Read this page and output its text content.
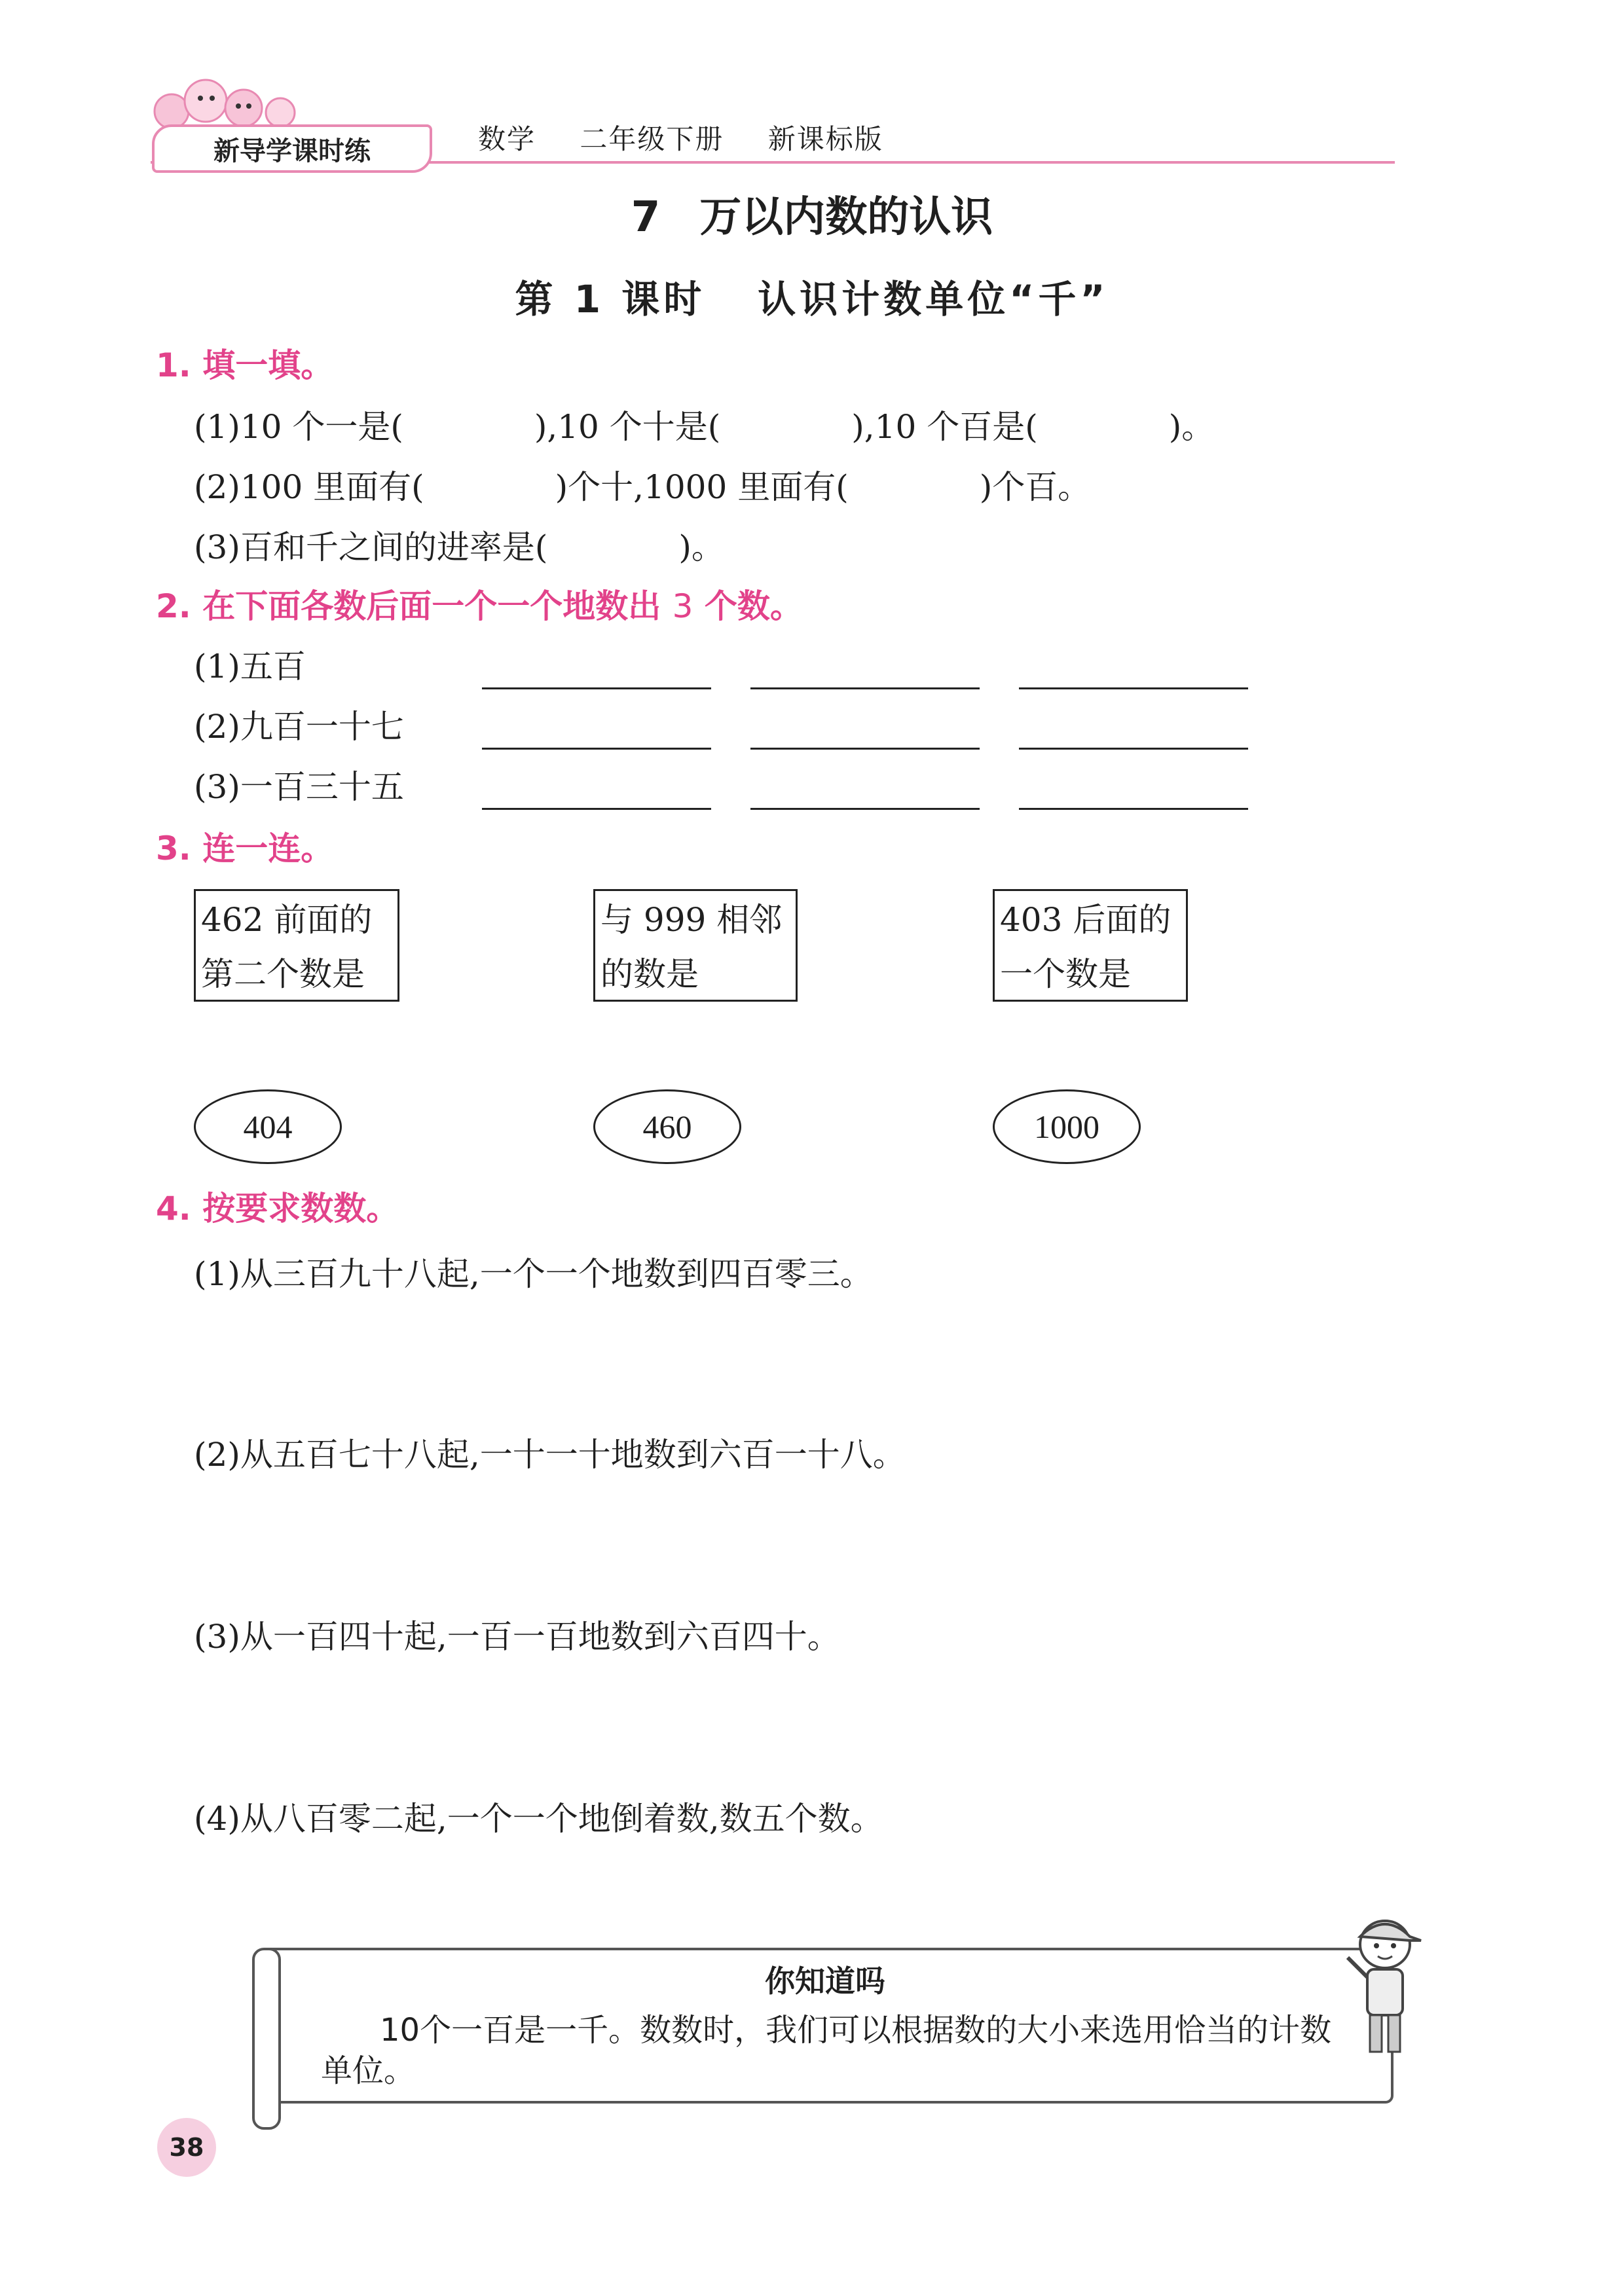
新导学课时练	数学 二年级下册 新课标版
7 万以内数的认识
第 1 课时 认识计数单位“千”
1. 填一填。
(1)10 个一是(　　　　),10 个十是(　　　　),10 个百是(　　　　)。
(2)100 里面有(　　　　)个十,1000 里面有(　　　　)个百。
(3)百和千之间的进率是(　　　　)。
2. 在下面各数后面一个一个地数出 3 个数。
(1)五百
(2)九百一十七
(3)一百三十五
3. 连一连。
462 前面的
第二个数是
与 999 相邻
的数是
403 后面的
一个数是
404	460	1000
4. 按要求数数。
(1)从三百九十八起,一个一个地数到四百零三。
(2)从五百七十八起,一十一十地数到六百一十八。
(3)从一百四十起,一百一百地数到六百四十。
(4)从八百零二起,一个一个地倒着数,数五个数。
你知道吗
10个一百是一千。数数时，我们可以根据数的大小来选用恰当的计数单位。
38
